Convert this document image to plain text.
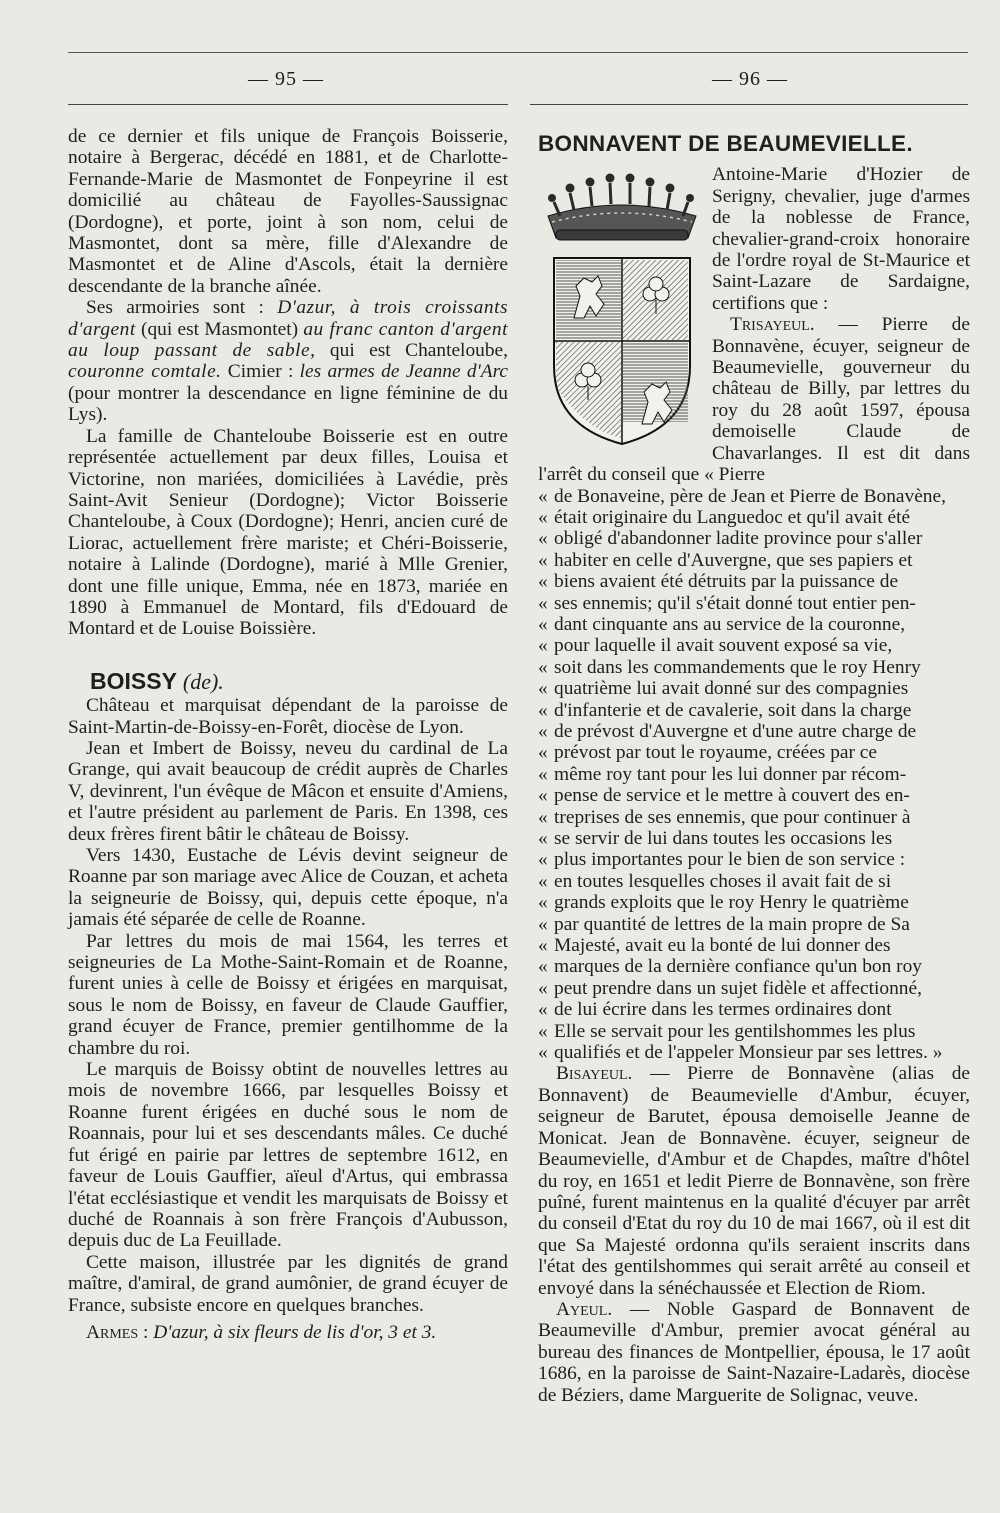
— 95 —	— 96 —

de ce dernier et fils unique de François Boisserie, notaire à Bergerac, décédé en 1881, et de Charlotte-Fernande-Marie de Masmontet de Fonpeyrine il est domicilié au château de Fayolles-Saussignac (Dordogne), et porte, joint à son nom, celui de Masmontet, dont sa mère, fille d'Alexandre de Masmontet et de Aline d'Ascols, était la dernière descendante de la branche aînée.

Ses armoiries sont : D'azur, à trois croissants d'argent (qui est Masmontet) au franc canton d'argent au loup passant de sable, qui est Chanteloube, couronne comtale. Cimier : les armes de Jeanne d'Arc (pour montrer la descendance en ligne féminine de du Lys).

La famille de Chanteloube Boisserie est en outre représentée actuellement par deux filles, Louisa et Victorine, non mariées, domiciliées à Lavédie, près Saint-Avit Senieur (Dordogne); Victor Boisserie Chanteloube, à Coux (Dordogne); Henri, ancien curé de Liorac, actuellement frère mariste; et Chéri-Boisserie, notaire à Lalinde (Dordogne), marié à Mlle Grenier, dont une fille unique, Emma, née en 1873, mariée en 1890 à Emmanuel de Montard, fils d'Edouard de Montard et de Louise Boissière.

BOISSY (de).

Château et marquisat dépendant de la paroisse de Saint-Martin-de-Boissy-en-Forêt, diocèse de Lyon.

Jean et Imbert de Boissy, neveu du cardinal de La Grange, qui avait beaucoup de crédit auprès de Charles V, devinrent, l'un évêque de Mâcon et ensuite d'Amiens, et l'autre président au parlement de Paris. En 1398, ces deux frères firent bâtir le château de Boissy.

Vers 1430, Eustache de Lévis devint seigneur de Roanne par son mariage avec Alice de Couzan, et acheta la seigneurie de Boissy, qui, depuis cette époque, n'a jamais été séparée de celle de Roanne.

Par lettres du mois de mai 1564, les terres et seigneuries de La Mothe-Saint-Romain et de Roanne, furent unies à celle de Boissy et érigées en marquisat, sous le nom de Boissy, en faveur de Claude Gauffier, grand écuyer de France, premier gentilhomme de la chambre du roi.

Le marquis de Boissy obtint de nouvelles lettres au mois de novembre 1666, par lesquelles Boissy et Roanne furent érigées en duché sous le nom de Roannais, pour lui et ses descendants mâles. Ce duché fut érigé en pairie par lettres de septembre 1612, en faveur de Louis Gauffier, aïeul d'Artus, qui embrassa l'état ecclésiastique et vendit les marquisats de Boissy et duché de Roannais à son frère François d'Aubusson, depuis duc de La Feuillade.

Cette maison, illustrée par les dignités de grand maître, d'amiral, de grand aumônier, de grand écuyer de France, subsiste encore en quelques branches.

Armes : D'azur, à six fleurs de lis d'or, 3 et 3.

BONNAVENT DE BEAUMEVIELLE.

Antoine-Marie d'Hozier de Serigny, chevalier, juge d'armes de la noblesse de France, chevalier-grand-croix honoraire de l'ordre royal de St-Maurice et Saint-Lazare de Sardaigne, certifions que :

Trisayeul. — Pierre de Bonnavène, écuyer, seigneur de Beaumevielle, gouverneur du château de Billy, par lettres du roy du 28 août 1597, épousa demoiselle Claude de Chavarlanges. Il est dit dans l'arrêt du conseil que « Pierre

« de Bonaveine, père de Jean et Pierre de Bonavène,

« était originaire du Languedoc et qu'il avait été

« obligé d'abandonner ladite province pour s'aller

« habiter en celle d'Auvergne, que ses papiers et

« biens avaient été détruits par la puissance de

« ses ennemis; qu'il s'était donné tout entier pen-

« dant cinquante ans au service de la couronne,

« pour laquelle il avait souvent exposé sa vie,

« soit dans les commandements que le roy Henry

« quatrième lui avait donné sur des compagnies

« d'infanterie et de cavalerie, soit dans la charge

« de prévost d'Auvergne et d'une autre charge de

« prévost par tout le royaume, créées par ce

« même roy tant pour les lui donner par récom-

« pense de service et le mettre à couvert des en-

« treprises de ses ennemis, que pour continuer à

« se servir de lui dans toutes les occasions les

« plus importantes pour le bien de son service :

« en toutes lesquelles choses il avait fait de si

« grands exploits que le roy Henry le quatrième

« par quantité de lettres de la main propre de Sa

« Majesté, avait eu la bonté de lui donner des

« marques de la dernière confiance qu'un bon roy

« peut prendre dans un sujet fidèle et affectionné,

« de lui écrire dans les termes ordinaires dont

« Elle se servait pour les gentilshommes les plus

« qualifiés et de l'appeler Monsieur par ses lettres. »

Bisayeul. — Pierre de Bonnavène (alias de Bonnavent) de Beaumevielle d'Ambur, écuyer, seigneur de Barutet, épousa demoiselle Jeanne de Monicat. Jean de Bonnavène. écuyer, seigneur de Beaumevielle, d'Ambur et de Chapdes, maître d'hôtel du roy, en 1651 et ledit Pierre de Bonnavène, son frère puîné, furent maintenus en la qualité d'écuyer par arrêt du conseil d'Etat du roy du 10 de mai 1667, où il est dit que Sa Majesté ordonna qu'ils seraient inscrits dans l'état des gentilshommes qui serait arrêté au conseil et envoyé dans la sénéchaussée et Election de Riom.

Ayeul. — Noble Gaspard de Bonnavent de Beaumeville d'Ambur, premier avocat général au bureau des finances de Montpellier, épousa, le 17 août 1686, en la paroisse de Saint-Nazaire-Ladarès, diocèse de Béziers, dame Marguerite de Solignac, veuve.
